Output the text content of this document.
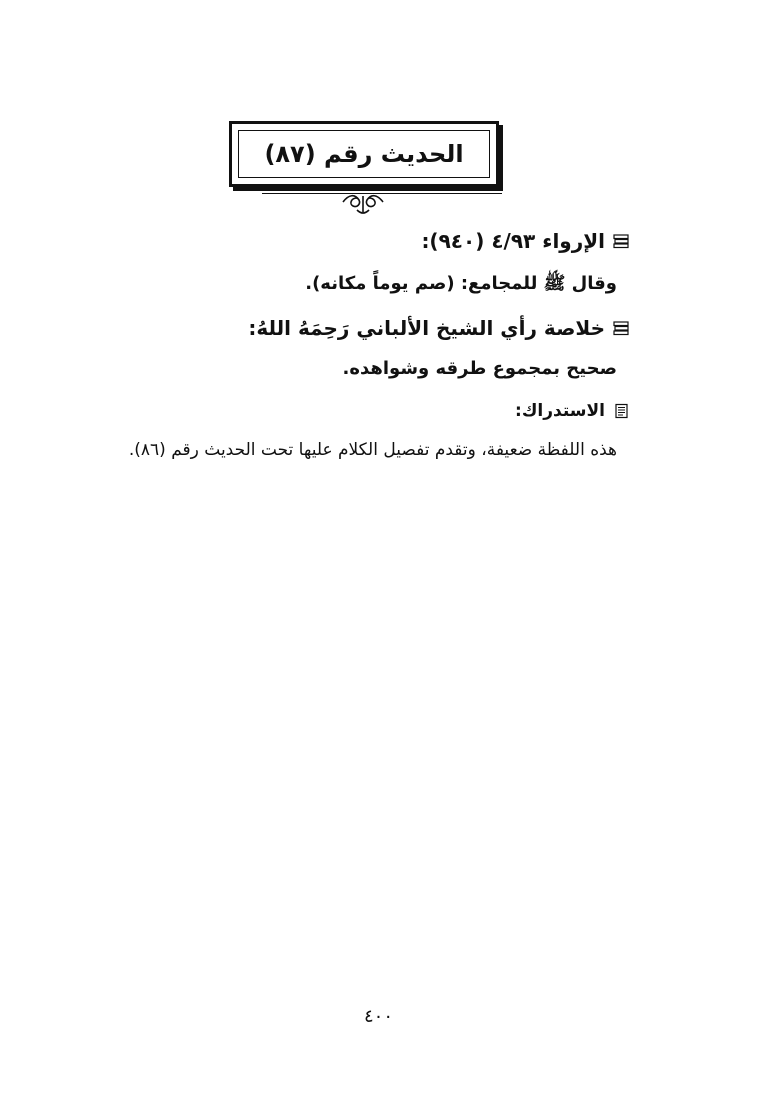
الحديث رقم (٨٧)
الإرواء ٤/٩٣ (٩٤٠):
وقال ﷺ للمجامع: (صم يوماً مكانه).
خلاصة رأي الشيخ الألباني رَحِمَهُ اللهُ:
صحيح بمجموع طرقه وشواهده.
الاستدراك:
هذه اللفظة ضعيفة، وتقدم تفصيل الكلام عليها تحت الحديث رقم (٨٦).
٤٠٠
